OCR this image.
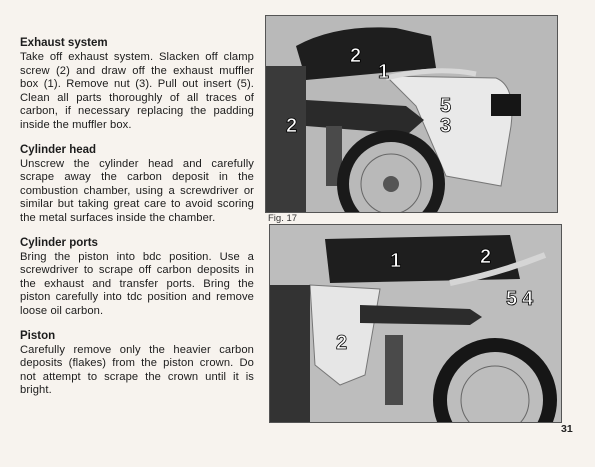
Exhaust system

Take off exhaust system. Slacken off clamp screw (2) and draw off the exhaust muffler box (1). Remove nut (3). Pull out insert (5). Clean all parts thoroughly of all traces of carbon, if necessary replacing the padding inside the muffler box.

Cylinder head

Unscrew the cylinder head and carefully scrape away the carbon deposit in the combustion chamber, using a screwdriver or similar but taking great care to avoid scoring the metal surfaces inside the chamber.

Cylinder ports

Bring the piston into bdc position. Use a screwdriver to scrape off carbon deposits in the exhaust and transfer ports. Bring the piston carefully into tdc position and remove loose oil carbon.

Piston

Carefully remove only the heavier carbon deposits (flakes) from the piston crown. Do not attempt to scrape the crown until it is bright.

2
1
5
3
2
Fig. 17
1	2
5 4
2
31
